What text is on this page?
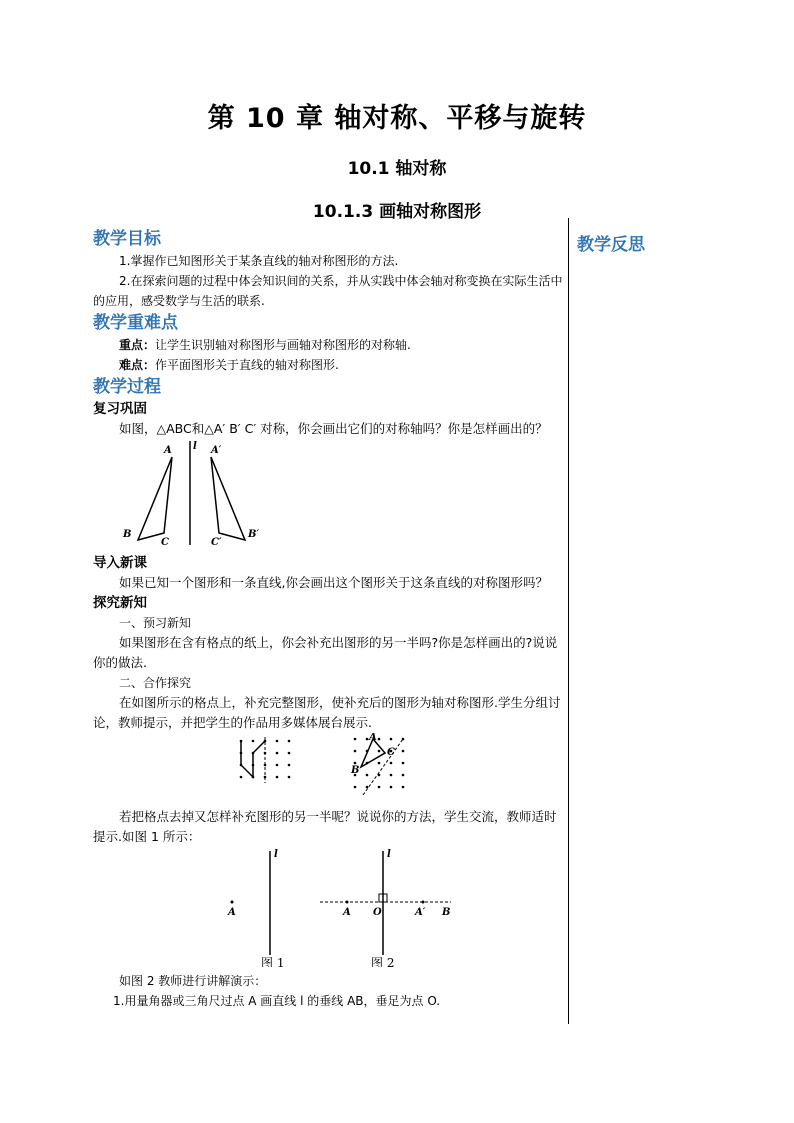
第 10 章 轴对称、平移与旋转
10.1 轴对称
10.1.3 画轴对称图形
教学反思

教学目标

1.掌握作已知图形关于某条直线的轴对称图形的方法.

2.在探索问题的过程中体会知识间的关系，并从实践中体会轴对称变换在实际生活中的应用，感受数学与生活的联系.

教学重难点

重点：让学生识别轴对称图形与画轴对称图形的对称轴.

难点：作平面图形关于直线的轴对称图形.

教学过程

复习巩固

如图，△ABC和△A′ B′ C′ 对称，你会画出它们的对称轴吗？你是怎样画出的？

A
B
C
A′
B′
C′
l

导入新课

如果已知一个图形和一条直线,你会画出这个图形关于这条直线的对称图形吗？

探究新知

一、预习新知

如果图形在含有格点的纸上，你会补充出图形的另一半吗?你是怎样画出的?说说你的做法.

二、合作探究

在如图所示的格点上，补充完整图形，使补充后的图形为轴对称图形.学生分组讨论，教师提示，并把学生的作品用多媒体展台展示.

A
B
C

若把格点去掉又怎样补充图形的另一半呢？说说你的方法，学生交流，教师适时提示.如图 1 所示：

l
A
图 1
l
A O	A′ B
图 2

如图 2 教师进行讲解演示：

1.用量角器或三角尺过点 A 画直线 l 的垂线 AB，垂足为点 O.
